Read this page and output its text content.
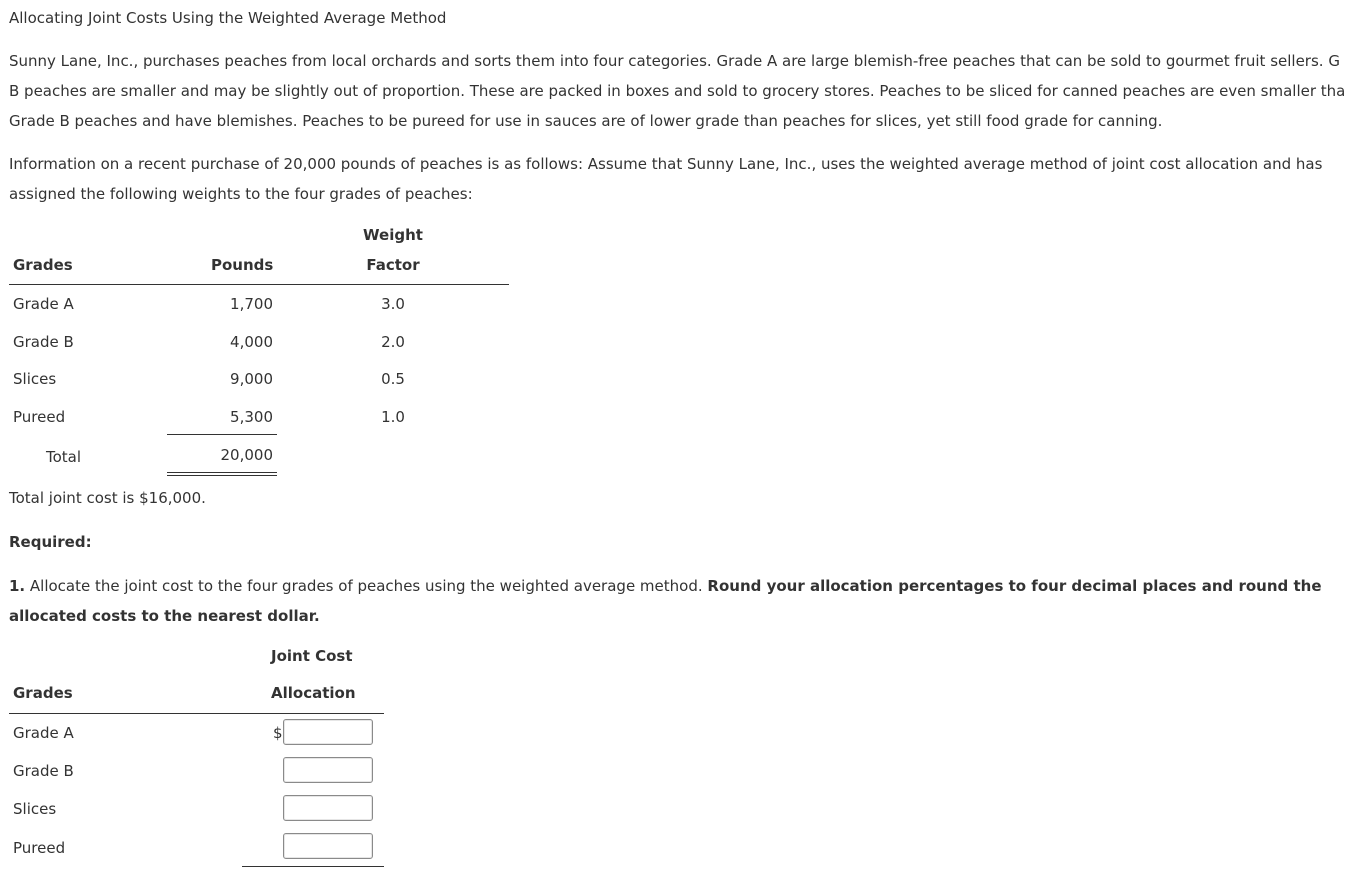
Allocating Joint Costs Using the Weighted Average Method
Sunny Lane, Inc., purchases peaches from local orchards and sorts them into four categories. Grade A are large blemish-free peaches that can be sold to gourmet fruit sellers. G
B peaches are smaller and may be slightly out of proportion. These are packed in boxes and sold to grocery stores. Peaches to be sliced for canned peaches are even smaller tha
Grade B peaches and have blemishes. Peaches to be pureed for use in sauces are of lower grade than peaches for slices, yet still food grade for canning.
Information on a recent purchase of 20,000 pounds of peaches is as follows: Assume that Sunny Lane, Inc., uses the weighted average method of joint cost allocation and has
assigned the following weights to the four grades of peaches:
Weight
Grades	Pounds	Factor
Grade A	1,700	3.0
Grade B	4,000	2.0
Slices	9,000	0.5
Pureed	5,300	1.0
Total	20,000
Total joint cost is $16,000.
Required:
1. Allocate the joint cost to the four grades of peaches using the weighted average method. Round your allocation percentages to four decimal places and round the
allocated costs to the nearest dollar.
Joint Cost
Grades	Allocation
Grade A	$
Grade B
Slices
Pureed
